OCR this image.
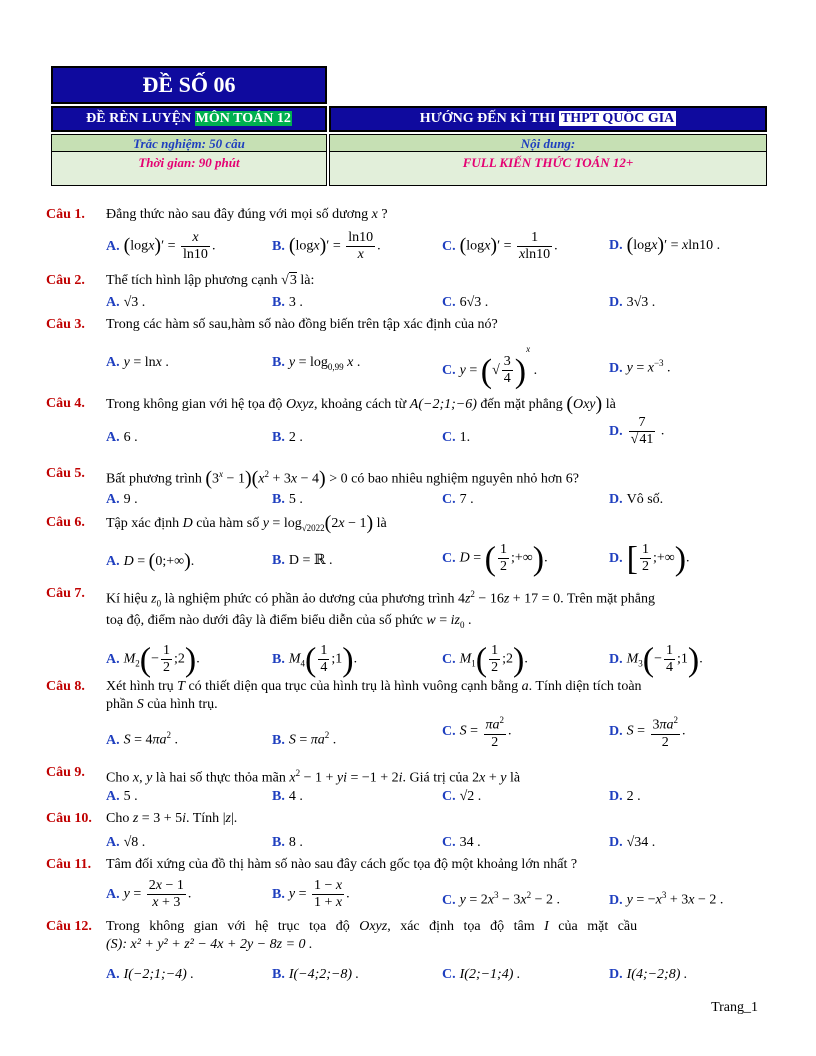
ĐỀ SỐ 06
ĐỀ RÈN LUYỆN MÔN TOÁN 12	HƯỚNG ĐẾN KÌ THI THPT QUỐC GIA
Trắc nghiệm: 50 câu	Nội dung:
Thời gian: 90 phút	FULL KIẾN THỨC TOÁN 12+
Câu 1. Đẳng thức nào sau đây đúng với mọi số dương x ?
A. $(\log x)' = \frac{x}{\ln 10}$ .	B. $(\log x)' = \frac{\ln 10}{x}$ .	C. $(\log x)' = \frac{1}{xln10}$ .	D. (logx)′ = xln10 .
Câu 2. Thể tích hình lập phương cạnh √3 là:
A. √3 .	B. 3 .	C. 6√3 .	D. 3√3 .
Câu 3. Trong các hàm số sau,hàm số nào đồng biến trên tập xác định của nó?
A. y = lnx .	B. $y = \log_{0,99} x$ .
C. y = (√ $\frac{3}{4} )^x$ .	D. $y = x^{-3}$ .
Câu 4. Trong không gian với hệ tọa độ Oxyz, khoảng cách từ A(−2;1;−6) đến mặt phẳng (Oxy) là
A. 6 .	B. 2 .	C. 1.	D. $\frac{7}{√41}$ .
Câu 5. Bất phương trình $(3^x - 1)(x^2 + 3x - 4) > 0$ có bao nhiêu nghiệm nguyên nhỏ hơn 6?
A. 9 .	B. 5 .	C. 7 .	D. Vô số.
Câu 6. Tập xác định D của hàm số $y = \log_{√2022}(2x - 1)$ là
A. D = (0;+∞).	B. D = ℝ .	C. D = ( $\frac{1}{2}$ ;+∞).	D. [ $\frac{1}{2}$ ;+∞).
Câu 7. Kí hiệu $z_0$ là nghiệm phức có phần ảo dương của phương trình $4z^2 - 16z + 17 = 0$. Trên mặt phẳng
toạ độ, điểm nào dưới đây là điểm biểu diễn của số phức $w = iz_0$ .
A. $M_2(- \frac{1}{2}$ ;2).	B. $M_4( \frac{1}{4}$ ;1).	C. $M_1( \frac{1}{2}$ ;2).	D. $M_3(- \frac{1}{4}$ ;1).
Câu 8. Xét hình trụ T có thiết diện qua trục của hình trụ là hình vuông cạnh bằng a. Tính diện tích toàn
phần S của hình trụ.
A. $S = 4\pi a^2$ .	B. $S = \pi a^2$ .
C. $S = \frac{\pi a^2}{2}$ .	D. $S = \frac{3\pi a^2}{2}$ .
Câu 9. Cho x, y là hai số thực thỏa mãn $x^2 - 1$ + yi = −1 + 2i. Giá trị của 2x + y là
A. 5 .	B. 4 .	C. √2 .	D. 2 .
Câu 10. Cho z = 3 + 5i. Tính |z|.
A. √8 .	B. 8 .	C. 34 .	D. √34 .
Câu 11. Tâm đối xứng của đồ thị hàm số nào sau đây cách gốc tọa độ một khoảng lớn nhất ?
A. $y = \frac{2x - 1}{x + 3}$ .	B. $y = \frac{1 - x}{1 + x}$ .	C. $y = 2x^3 - 3x^2 - 2$ .	D. $y = -x^3 + 3x - 2$ .
Câu 12. Trong không gian với hệ trục tọa độ Oxyz, xác định tọa độ tâm I của mặt cầu
(S): x² + y² + z² − 4x + 2y − 8z = 0 .
A. I(−2;1;−4) .	B. I(−4;2;−8) .	C. I(2;−1;4) .	D. I(4;−2;8) .
Trang_1
